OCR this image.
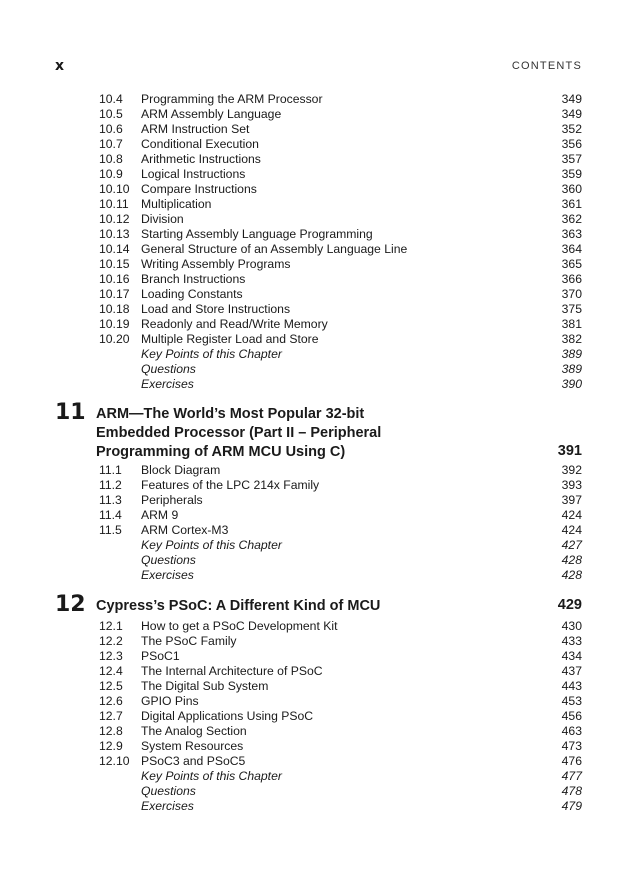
x	CONTENTS
10.4 Programming the ARM Processor	349
10.5 ARM Assembly Language	349
10.6 ARM Instruction Set	352
10.7 Conditional Execution	356
10.8 Arithmetic Instructions	357
10.9 Logical Instructions	359
10.10 Compare Instructions	360
10.11 Multiplication	361
10.12 Division	362
10.13 Starting Assembly Language Programming	363
10.14 General Structure of an Assembly Language Line	364
10.15 Writing Assembly Programs	365
10.16 Branch Instructions	366
10.17 Loading Constants	370
10.18 Load and Store Instructions	375
10.19 Readonly and Read/Write Memory	381
10.20 Multiple Register Load and Store	382
Key Points of this Chapter	389
Questions	389
Exercises	390
11 ARM—The World’s Most Popular 32-bit
Embedded Processor (Part II – Peripheral
Programming of ARM MCU Using C)	391
11.1 Block Diagram	392
11.2 Features of the LPC 214x Family	393
11.3 Peripherals	397
11.4 ARM 9	424
11.5 ARM Cortex-M3	424
Key Points of this Chapter	427
Questions	428
Exercises	428
12 Cypress’s PSoC: A Different Kind of MCU	429
12.1 How to get a PSoC Development Kit	430
12.2 The PSoC Family	433
12.3 PSoC1	434
12.4 The Internal Architecture of PSoC	437
12.5 The Digital Sub System	443
12.6 GPIO Pins	453
12.7 Digital Applications Using PSoC	456
12.8 The Analog Section	463
12.9 System Resources	473
12.10 PSoC3 and PSoC5	476
Key Points of this Chapter	477
Questions	478
Exercises	479
